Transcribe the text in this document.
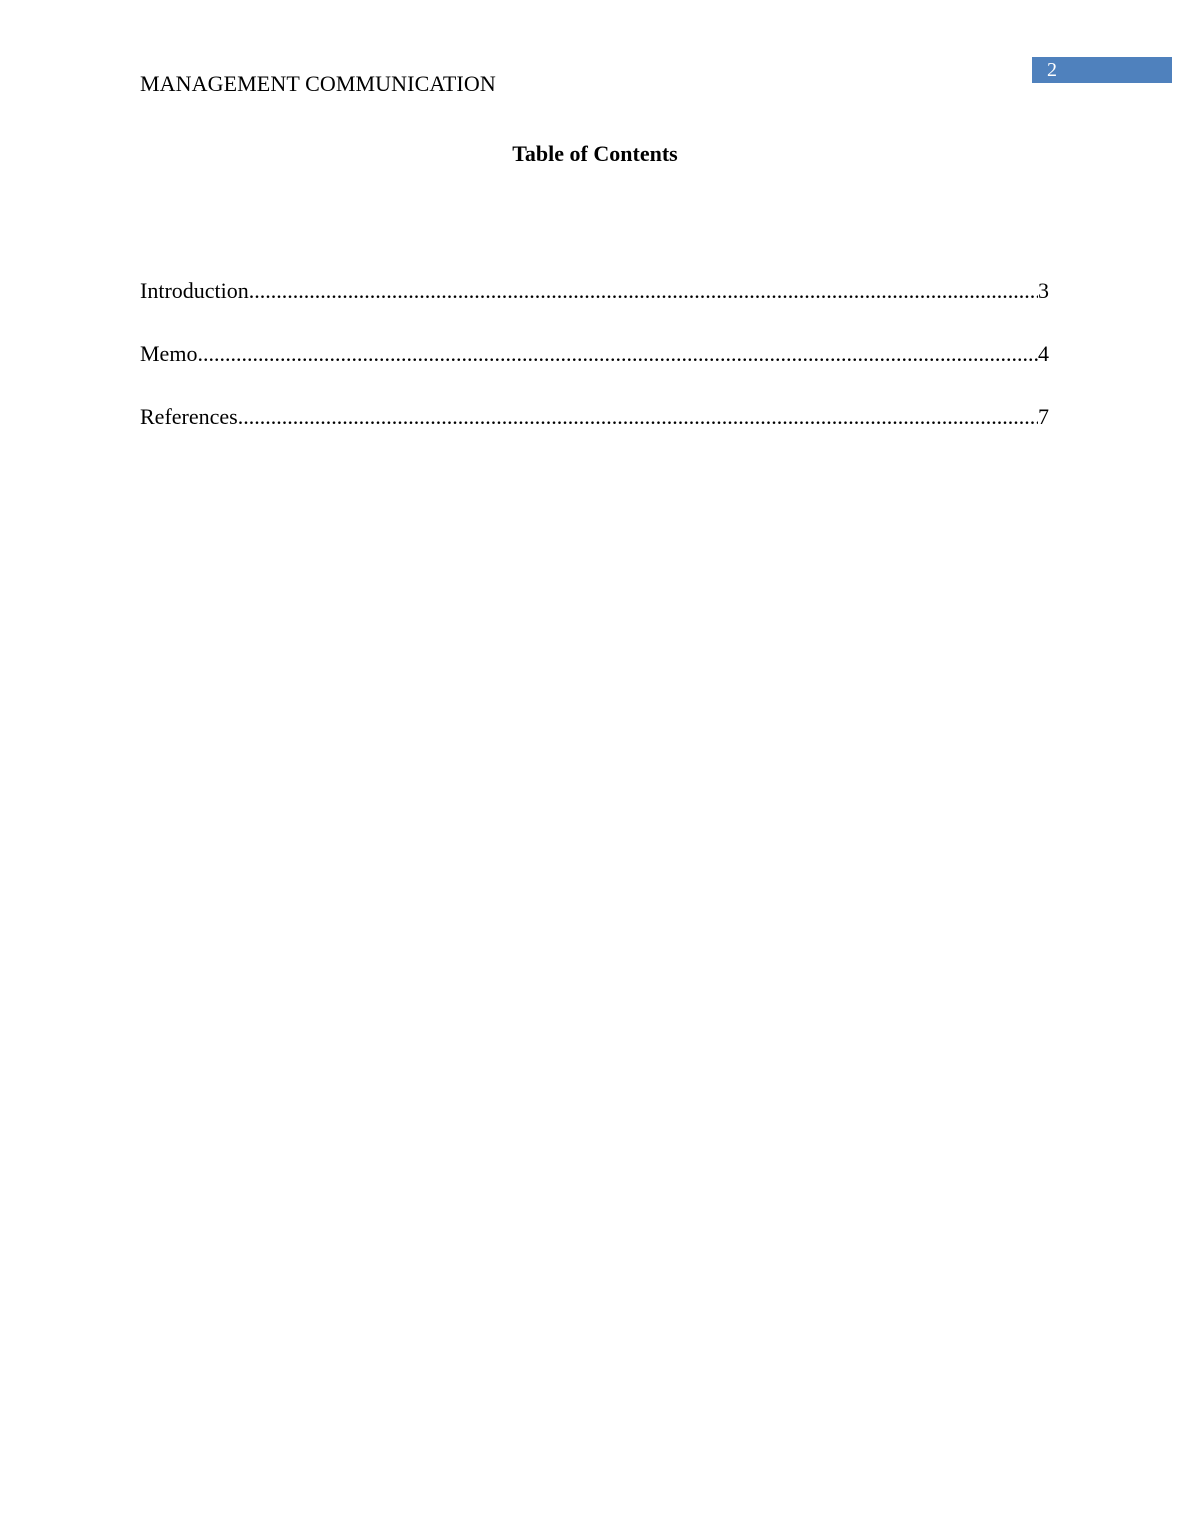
2
MANAGEMENT COMMUNICATION
Table of Contents
Introduction .....	3
Memo .....	4
References .....	7
